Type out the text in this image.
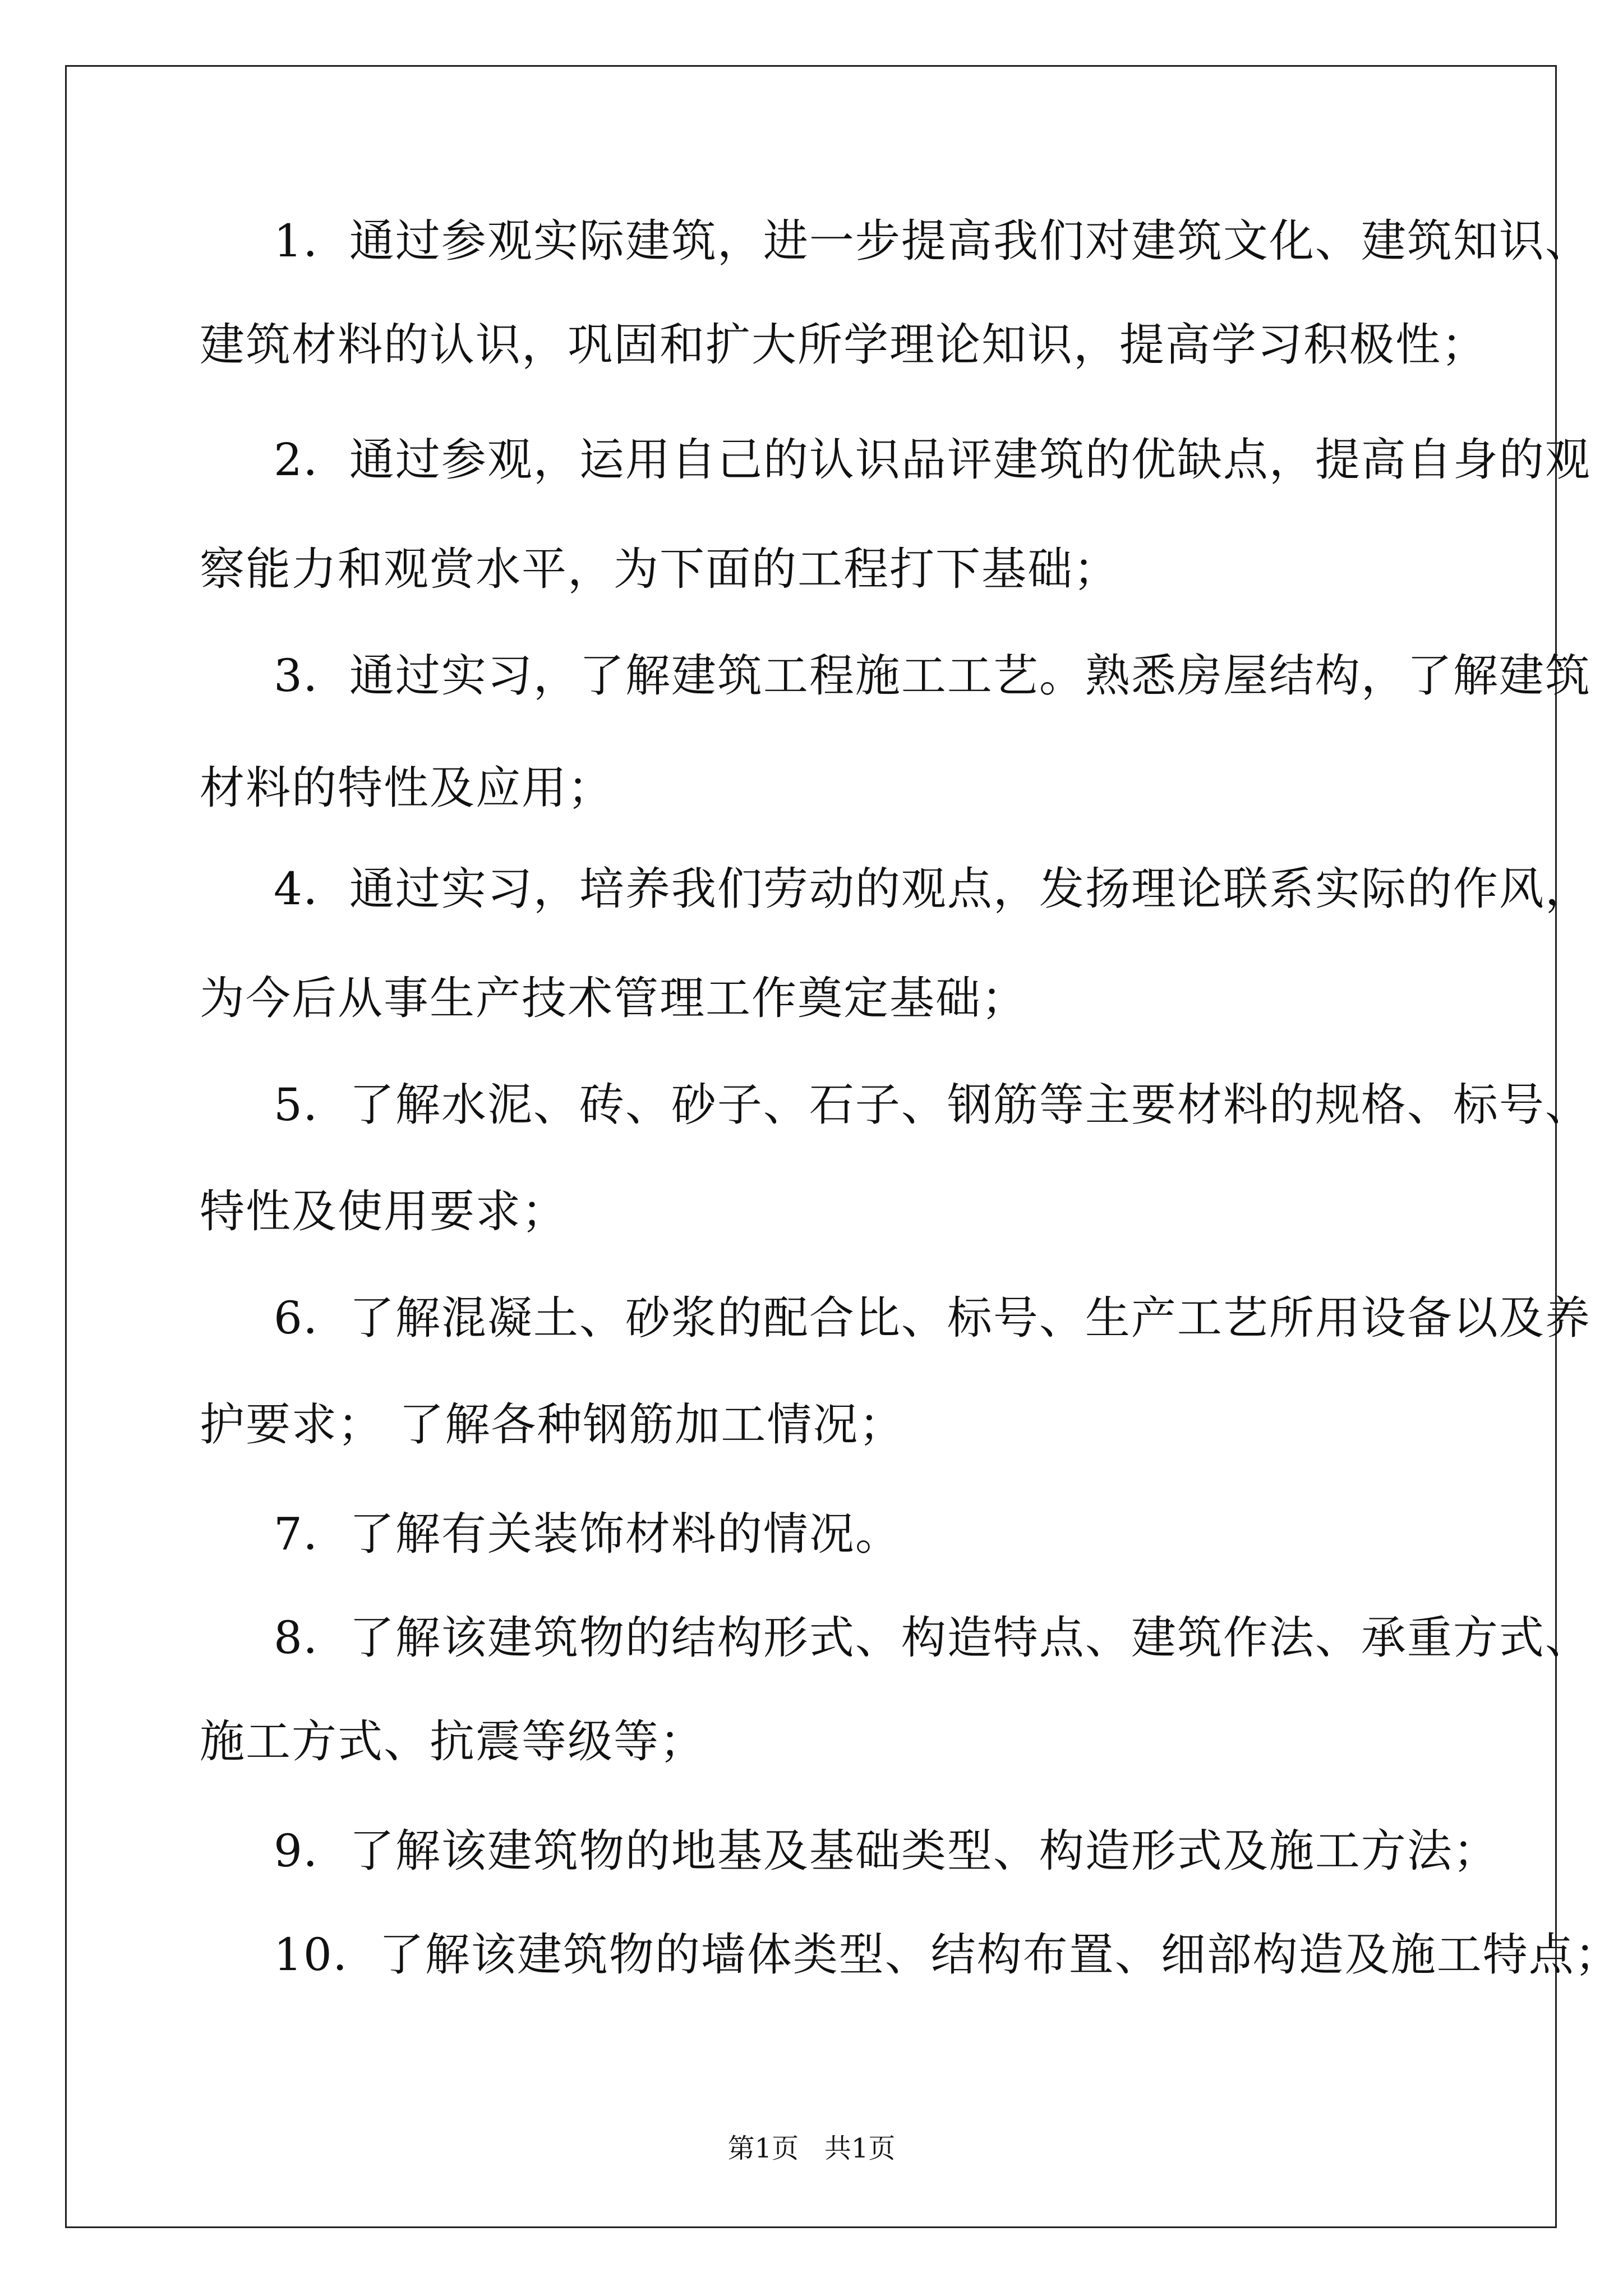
1．通过参观实际建筑，进一步提高我们对建筑文化、建筑知识、
建筑材料的认识，巩固和扩大所学理论知识，提高学习积极性；
2．通过参观，运用自己的认识品评建筑的优缺点，提高自身的观
察能力和观赏水平，为下面的工程打下基础；
3．通过实习，了解建筑工程施工工艺。熟悉房屋结构，了解建筑
材料的特性及应用；
4．通过实习，培养我们劳动的观点，发扬理论联系实际的作风，
为今后从事生产技术管理工作奠定基础；
5．了解水泥、砖、砂子、石子、钢筋等主要材料的规格、标号、
特性及使用要求；
6．了解混凝土、砂浆的配合比、标号、生产工艺所用设备以及养
护要求； 了解各种钢筋加工情况；
7．了解有关装饰材料的情况。
8．了解该建筑物的结构形式、构造特点、建筑作法、承重方式、
施工方式、抗震等级等；
9．了解该建筑物的地基及基础类型、构造形式及施工方法；
10．了解该建筑物的墙体类型、结构布置、细部构造及施工特点；
第1页   共1页
